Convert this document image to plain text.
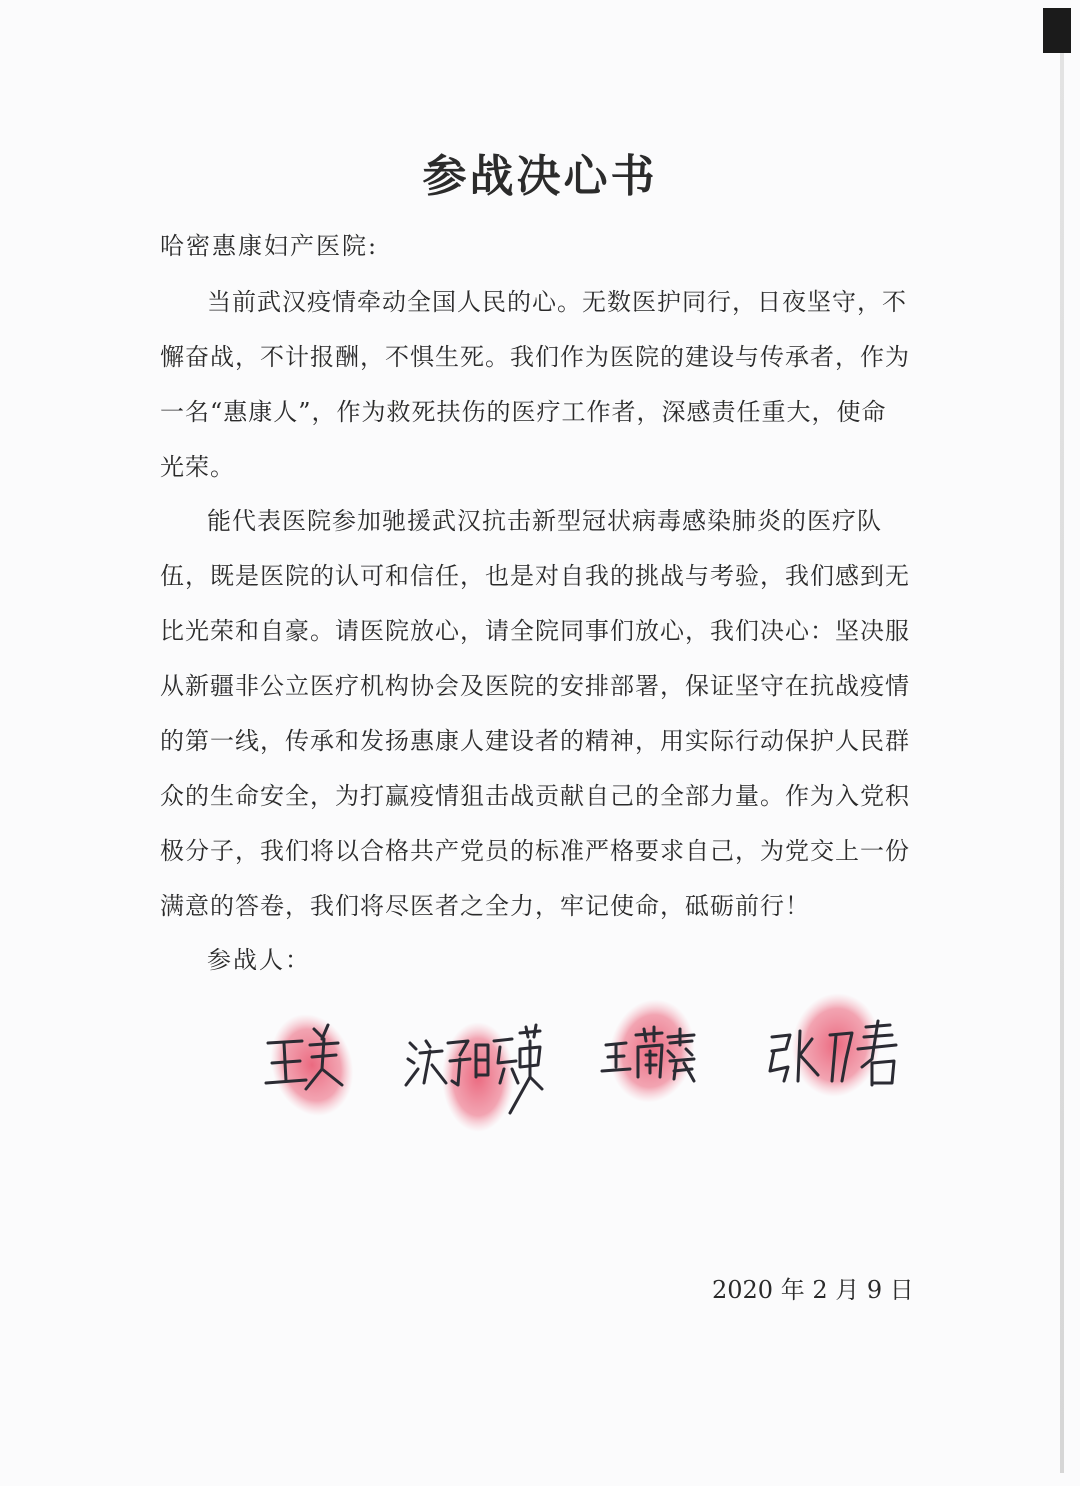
参战决心书
哈密惠康妇产医院:
当前武汉疫情牵动全国人民的心。无数医护同行，日夜坚守，不
懈奋战，不计报酬，不惧生死。我们作为医院的建设与传承者，作为
一名“惠康人”，作为救死扶伤的医疗工作者，深感责任重大，使命
光荣。
能代表医院参加驰援武汉抗击新型冠状病毒感染肺炎的医疗队
伍，既是医院的认可和信任，也是对自我的挑战与考验，我们感到无
比光荣和自豪。请医院放心，请全院同事们放心，我们决心：坚决服
从新疆非公立医疗机构协会及医院的安排部署，保证坚守在抗战疫情
的第一线，传承和发扬惠康人建设者的精神，用实际行动保护人民群
众的生命安全，为打赢疫情狙击战贡献自己的全部力量。作为入党积
极分子，我们将以合格共产党员的标准严格要求自己，为党交上一份
满意的答卷，我们将尽医者之全力，牢记使命，砥砺前行！
参战人：
2020 年 2 月 9 日
